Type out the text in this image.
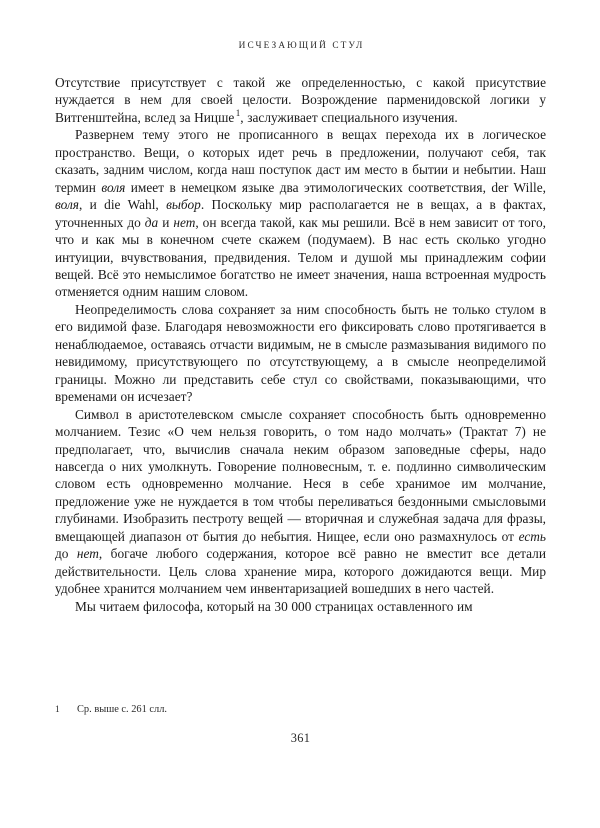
ИСЧЕЗАЮЩИЙ СТУЛ

Отсутствие присутствует с такой же определенностью, с какой присутствие нуждается в нем для своей целости. Возрождение парменидовской логики у Витгенштейна, вслед за Ницше $^1$, заслуживает специального изучения.

Развернем тему этого не прописанного в вещах перехода их в логическое пространство. Вещи, о которых идет речь в предложении, получают себя, так сказать, задним числом, когда наш поступок даст им место в бытии и небытии. Наш термин воля имеет в немецком языке два этимологических соответствия, der Wille, воля, и die Wahl, выбор. Поскольку мир располагается не в вещах, а в фактах, уточненных до да и нет, он всегда такой, как мы решили. Всё в нем зависит от того, что и как мы в конечном счете скажем (подумаем). В нас есть сколько угодно интуиции, вчувствования, предвидения. Телом и душой мы принадлежим софии вещей. Всё это немыслимое богатство не имеет значения, наша встроенная мудрость отменяется одним нашим словом.

Неопределимость слова сохраняет за ним способность быть не только стулом в его видимой фазе. Благодаря невозможности его фиксировать слово протягивается в ненаблюдаемое, оставаясь отчасти видимым, не в смысле размазывания видимого по невидимому, присутствующего по отсутствующему, а в смысле неопределимой границы. Можно ли представить себе стул со свойствами, показывающими, что временами он исчезает?

Символ в аристотелевском смысле сохраняет способность быть одновременно молчанием. Тезис «О чем нельзя говорить, о том надо молчать» (Трактат 7) не предполагает, что, вычислив сначала неким образом заповедные сферы, надо навсегда о них умолкнуть. Говорение полновесным, т. е. подлинно символическим словом есть одновременно молчание. Неся в себе хранимое им молчание, предложение уже не нуждается в том чтобы переливаться бездонными смысловыми глубинами. Изобразить пестроту вещей — вторичная и служебная задача для фразы, вмещающей диапазон от бытия до небытия. Нищее, если оно размахнулось от есть до нет, богаче любого содержания, которое всё равно не вместит все детали действительности. Цель слова хранение мира, которого дожидаются вещи. Мир удобнее хранится молчанием чем инвентаризацией вошедших в него частей.

Мы читаем философа, который на 30 000 страницах оставленного им

1 Ср. выше с. 261 слл.
361
